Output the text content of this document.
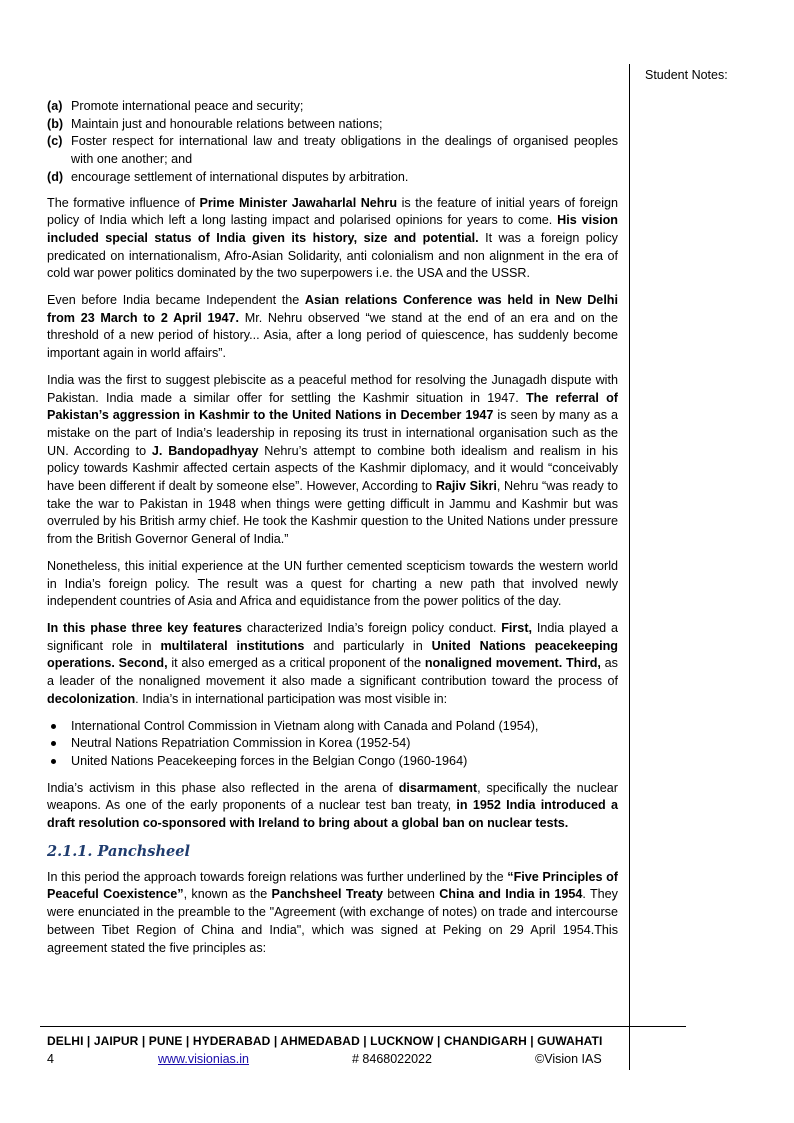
Student Notes:
(a) Promote international peace and security;
(b) Maintain just and honourable relations between nations;
(c) Foster respect for international law and treaty obligations in the dealings of organised peoples with one another; and
(d) encourage settlement of international disputes by arbitration.

The formative influence of Prime Minister Jawaharlal Nehru is the feature of initial years of foreign policy of India which left a long lasting impact and polarised opinions for years to come. His vision included special status of India given its history, size and potential. It was a foreign policy predicated on internationalism, Afro-Asian Solidarity, anti colonialism and non alignment in the era of cold war power politics dominated by the two superpowers i.e. the USA and the USSR.

Even before India became Independent the Asian relations Conference was held in New Delhi from 23 March to 2 April 1947. Mr. Nehru observed “we stand at the end of an era and on the threshold of a new period of history... Asia, after a long period of quiescence, has suddenly become important again in world affairs”.

India was the first to suggest plebiscite as a peaceful method for resolving the Junagadh dispute with Pakistan. India made a similar offer for settling the Kashmir situation in 1947. The referral of Pakistan’s aggression in Kashmir to the United Nations in December 1947 is seen by many as a mistake on the part of India’s leadership in reposing its trust in international organisation such as the UN. According to J. Bandopadhyay Nehru’s attempt to combine both idealism and realism in his policy towards Kashmir affected certain aspects of the Kashmir diplomacy, and it would “conceivably have been different if dealt by someone else”. However, According to Rajiv Sikri, Nehru “was ready to take the war to Pakistan in 1948 when things were getting difficult in Jammu and Kashmir but was overruled by his British army chief. He took the Kashmir question to the United Nations under pressure from the British Governor General of India.”

Nonetheless, this initial experience at the UN further cemented scepticism towards the western world in India’s foreign policy. The result was a quest for charting a new path that involved newly independent countries of Asia and Africa and equidistance from the power politics of the day.

In this phase three key features characterized India’s foreign policy conduct. First, India played a significant role in multilateral institutions and particularly in United Nations peacekeeping operations. Second, it also emerged as a critical proponent of the nonaligned movement. Third, as a leader of the nonaligned movement it also made a significant contribution toward the process of decolonization. India’s in international participation was most visible in:

International Control Commission in Vietnam along with Canada and Poland (1954),
Neutral Nations Repatriation Commission in Korea (1952-54)
United Nations Peacekeeping forces in the Belgian Congo (1960-1964)

India’s activism in this phase also reflected in the arena of disarmament, specifically the nuclear weapons. As one of the early proponents of a nuclear test ban treaty, in 1952 India introduced a draft resolution co-sponsored with Ireland to bring about a global ban on nuclear tests.

2.1.1. Panchsheel

In this period the approach towards foreign relations was further underlined by the “Five Principles of Peaceful Coexistence”, known as the Panchsheel Treaty between China and India in 1954. They were enunciated in the preamble to the "Agreement (with exchange of notes) on trade and intercourse between Tibet Region of China and India", which was signed at Peking on 29 April 1954.This agreement stated the five principles as:

DELHI | JAIPUR | PUNE | HYDERABAD | AHMEDABAD | LUCKNOW | CHANDIGARH | GUWAHATI
4	www.visionias.in	# 8468022022	©Vision IAS
